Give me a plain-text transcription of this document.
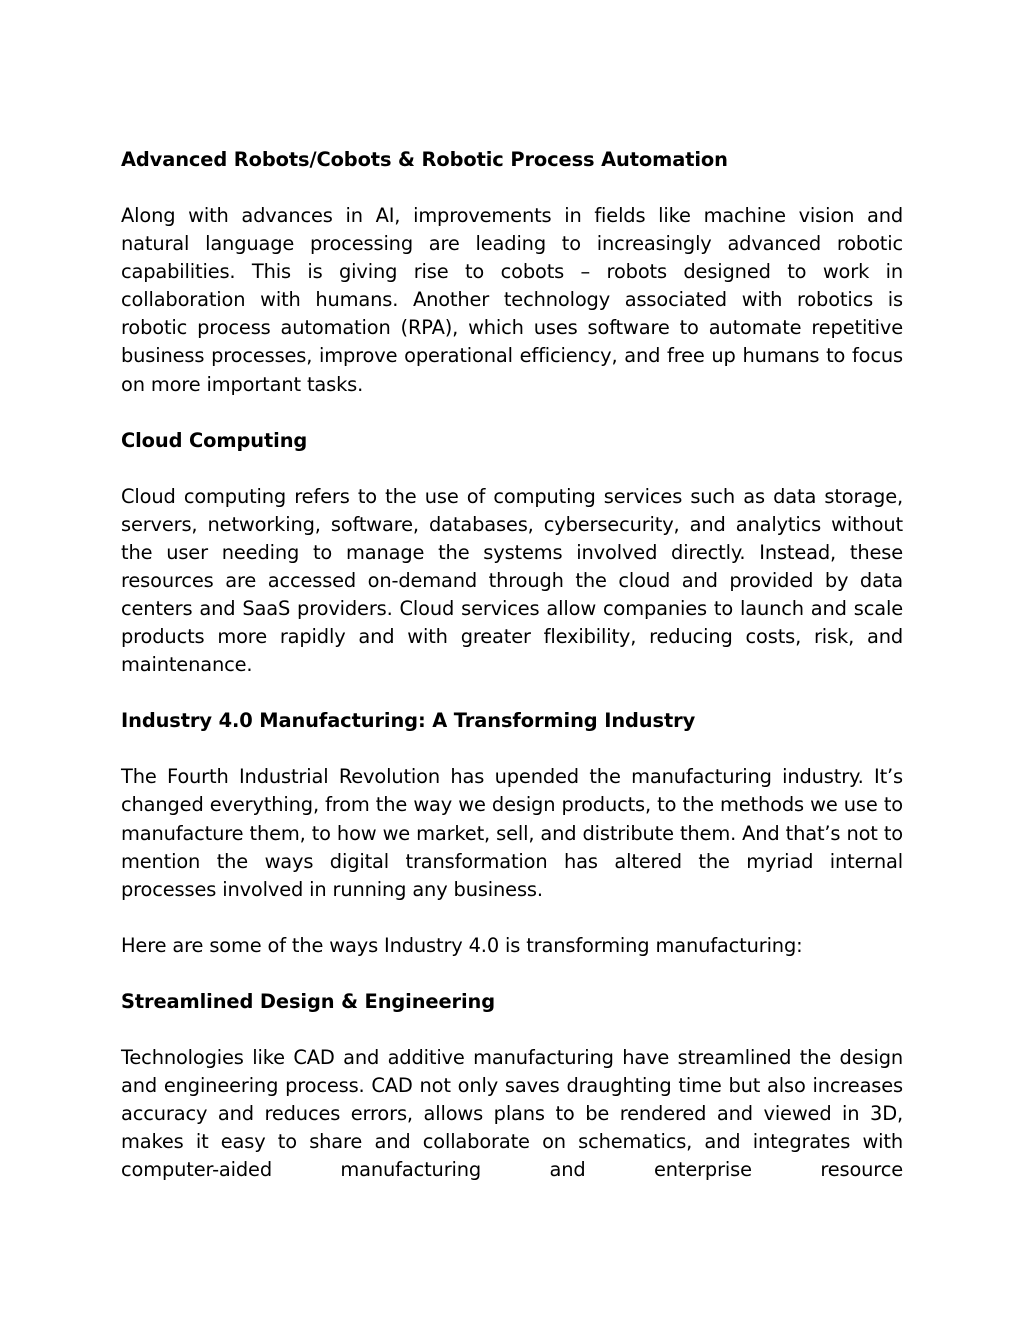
Advanced Robots/Cobots & Robotic Process Automation

Along with advances in AI, improvements in fields like machine vision and natural language processing are leading to increasingly advanced robotic capabilities. This is giving rise to cobots – robots designed to work in collaboration with humans. Another technology associated with robotics is robotic process automation (RPA), which uses software to automate repetitive business processes, improve operational efficiency, and free up humans to focus on more important tasks.

Cloud Computing

Cloud computing refers to the use of computing services such as data storage, servers, networking, software, databases, cybersecurity, and analytics without the user needing to manage the systems involved directly. Instead, these resources are accessed on-demand through the cloud and provided by data centers and SaaS providers. Cloud services allow companies to launch and scale products more rapidly and with greater flexibility, reducing costs, risk, and maintenance.

Industry 4.0 Manufacturing: A Transforming Industry

The Fourth Industrial Revolution has upended the manufacturing industry. It’s changed everything, from the way we design products, to the methods we use to manufacture them, to how we market, sell, and distribute them. And that’s not to mention the ways digital transformation has altered the myriad internal processes involved in running any business.

Here are some of the ways Industry 4.0 is transforming manufacturing:

Streamlined Design & Engineering

Technologies like CAD and additive manufacturing have streamlined the design and engineering process. CAD not only saves draughting time but also increases accuracy and reduces errors, allows plans to be rendered and viewed in 3D, makes it easy to share and collaborate on schematics, and integrates with computer-aided manufacturing and enterprise resource
